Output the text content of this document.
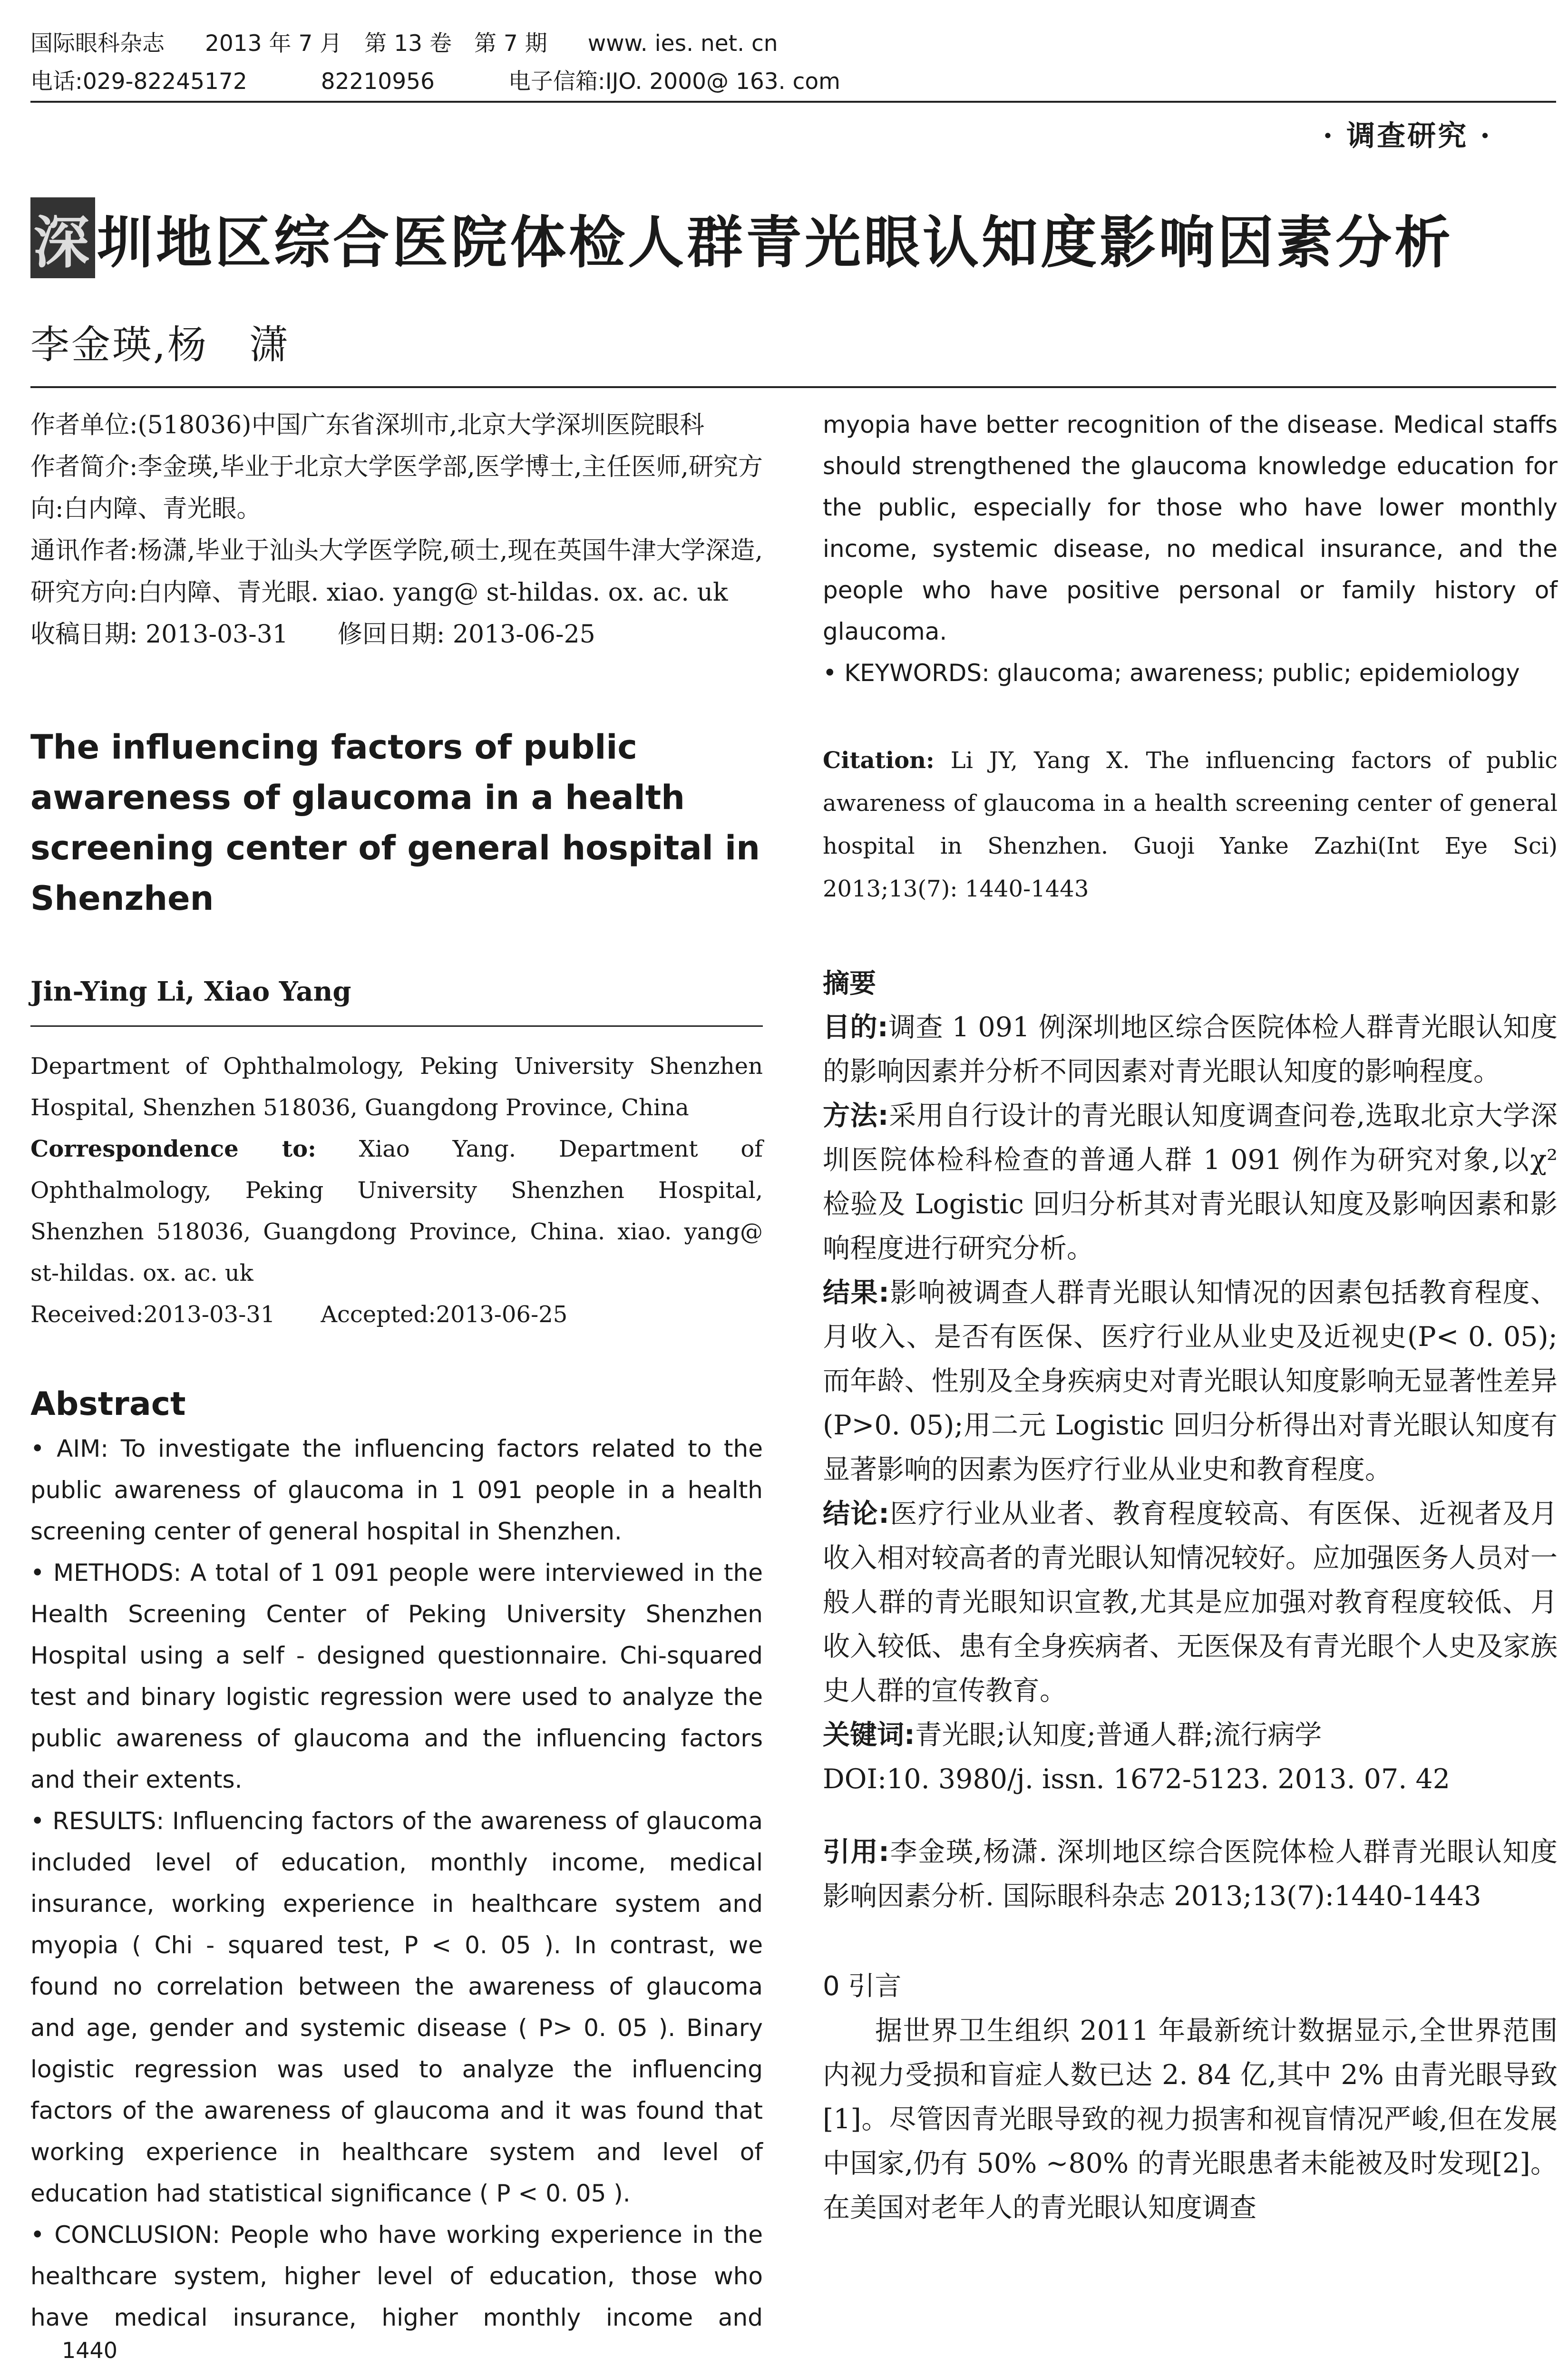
国际眼科杂志 2013 年 7 月　第 13 卷　第 7 期 www. ies. net. cn
电话:029-82245172	82210956	电子信箱:IJO. 2000@ 163. com
· 调查研究 ·
深圳地区综合医院体检人群青光眼认知度影响因素分析
李金瑛,杨　潇

作者单位:(518036)中国广东省深圳市,北京大学深圳医院眼科

作者简介:李金瑛,毕业于北京大学医学部,医学博士,主任医师,研究方向:白内障、青光眼。

通讯作者:杨潇,毕业于汕头大学医学院,硕士,现在英国牛津大学深造,研究方向:白内障、青光眼. xiao. yang@ st-hildas. ox. ac. uk

收稿日期: 2013-03-31　　修回日期: 2013-06-25

The influencing factors of public awareness of glaucoma in a health screening center of general hospital in Shenzhen
Jin-Ying Li, Xiao Yang

Department of Ophthalmology, Peking University Shenzhen Hospital, Shenzhen 518036, Guangdong Province, China

Correspondence to: Xiao Yang. Department of Ophthalmology, Peking University Shenzhen Hospital, Shenzhen 518036, Guangdong Province, China. xiao. yang@ st-hildas. ox. ac. uk

Received:2013-03-31　　Accepted:2013-06-25

Abstract

• AIM: To investigate the influencing factors related to the public awareness of glaucoma in 1 091 people in a health screening center of general hospital in Shenzhen.

• METHODS: A total of 1 091 people were interviewed in the Health Screening Center of Peking University Shenzhen Hospital using a self - designed questionnaire. Chi-squared test and binary logistic regression were used to analyze the public awareness of glaucoma and the influencing factors and their extents.

• RESULTS: Influencing factors of the awareness of glaucoma included level of education, monthly income, medical insurance, working experience in healthcare system and myopia ( Chi - squared test, P < 0. 05 ). In contrast, we found no correlation between the awareness of glaucoma and age, gender and systemic disease ( P> 0. 05 ). Binary logistic regression was used to analyze the influencing factors of the awareness of glaucoma and it was found that working experience in healthcare system and level of education had statistical significance ( P < 0. 05 ).

• CONCLUSION: People who have working experience in the healthcare system, higher level of education, those who have medical insurance, higher monthly income and

myopia have better recognition of the disease. Medical staffs should strengthened the glaucoma knowledge education for the public, especially for those who have lower monthly income, systemic disease, no medical insurance, and the people who have positive personal or family history of glaucoma.

• KEYWORDS: glaucoma; awareness; public; epidemiology

Citation: Li JY, Yang X. The influencing factors of public awareness of glaucoma in a health screening center of general hospital in Shenzhen. Guoji Yanke Zazhi(Int Eye Sci) 2013;13(7): 1440-1443

摘要

目的:调查 1 091 例深圳地区综合医院体检人群青光眼认知度的影响因素并分析不同因素对青光眼认知度的影响程度。

方法:采用自行设计的青光眼认知度调查问卷,选取北京大学深圳医院体检科检查的普通人群 1 091 例作为研究对象,以χ² 检验及 Logistic 回归分析其对青光眼认知度及影响因素和影响程度进行研究分析。

结果:影响被调查人群青光眼认知情况的因素包括教育程度、月收入、是否有医保、医疗行业从业史及近视史(P< 0. 05);而年龄、性别及全身疾病史对青光眼认知度影响无显著性差异(P>0. 05);用二元 Logistic 回归分析得出对青光眼认知度有显著影响的因素为医疗行业从业史和教育程度。

结论:医疗行业从业者、教育程度较高、有医保、近视者及月收入相对较高者的青光眼认知情况较好。应加强医务人员对一般人群的青光眼知识宣教,尤其是应加强对教育程度较低、月收入较低、患有全身疾病者、无医保及有青光眼个人史及家族史人群的宣传教育。

关键词:青光眼;认知度;普通人群;流行病学

DOI:10. 3980/j. issn. 1672-5123. 2013. 07. 42

引用:李金瑛,杨潇. 深圳地区综合医院体检人群青光眼认知度影响因素分析. 国际眼科杂志 2013;13(7):1440-1443

0 引言

据世界卫生组织 2011 年最新统计数据显示,全世界范围内视力受损和盲症人数已达 2. 84 亿,其中 2% 由青光眼导致[1]。尽管因青光眼导致的视力损害和视盲情况严峻,但在发展中国家,仍有 50% ~80% 的青光眼患者未能被及时发现[2]。在美国对老年人的青光眼认知度调查

1440
